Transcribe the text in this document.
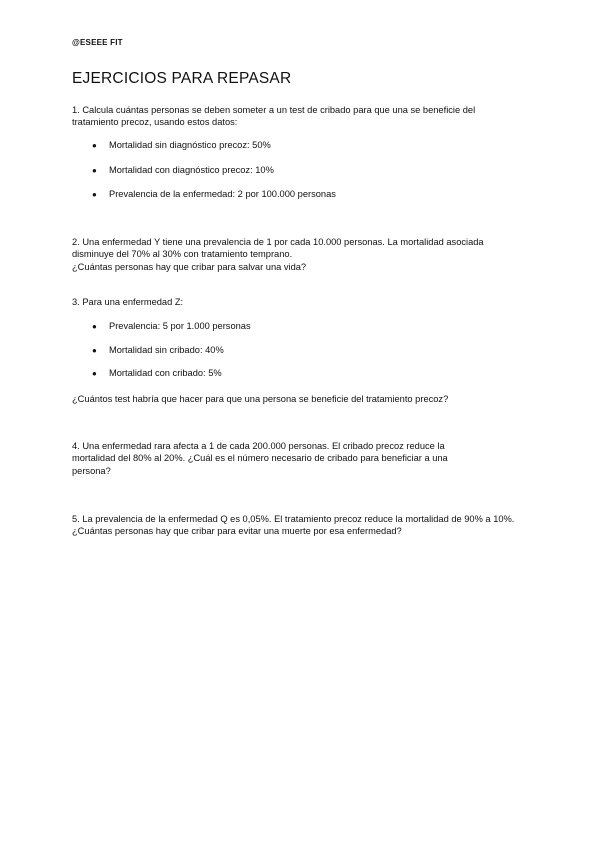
@ESEEE FIT
EJERCICIOS PARA REPASAR

1. Calcula cuántas personas se deben someter a un test de cribado para que una se beneficie del

tratamiento precoz, usando estos datos:

● Mortalidad sin diagnóstico precoz: 50%
● Mortalidad con diagnóstico precoz: 10%
● Prevalencia de la enfermedad: 2 por 100.000 personas

2. Una enfermedad Y tiene una prevalencia de 1 por cada 10.000 personas. La mortalidad asociada

disminuye del 70% al 30% con tratamiento temprano.

¿Cuántas personas hay que cribar para salvar una vida?

3. Para una enfermedad Z:

● Prevalencia: 5 por 1.000 personas
● Mortalidad sin cribado: 40%
● Mortalidad con cribado: 5%

¿Cuántos test habría que hacer para que una persona se beneficie del tratamiento precoz?

4. Una enfermedad rara afecta a 1 de cada 200.000 personas. El cribado precoz reduce la

mortalidad del 80% al 20%. ¿Cuál es el número necesario de cribado para beneficiar a una

persona?

5. La prevalencia de la enfermedad Q es 0,05%. El tratamiento precoz reduce la mortalidad de 90% a 10%.

¿Cuántas personas hay que cribar para evitar una muerte por esa enfermedad?
